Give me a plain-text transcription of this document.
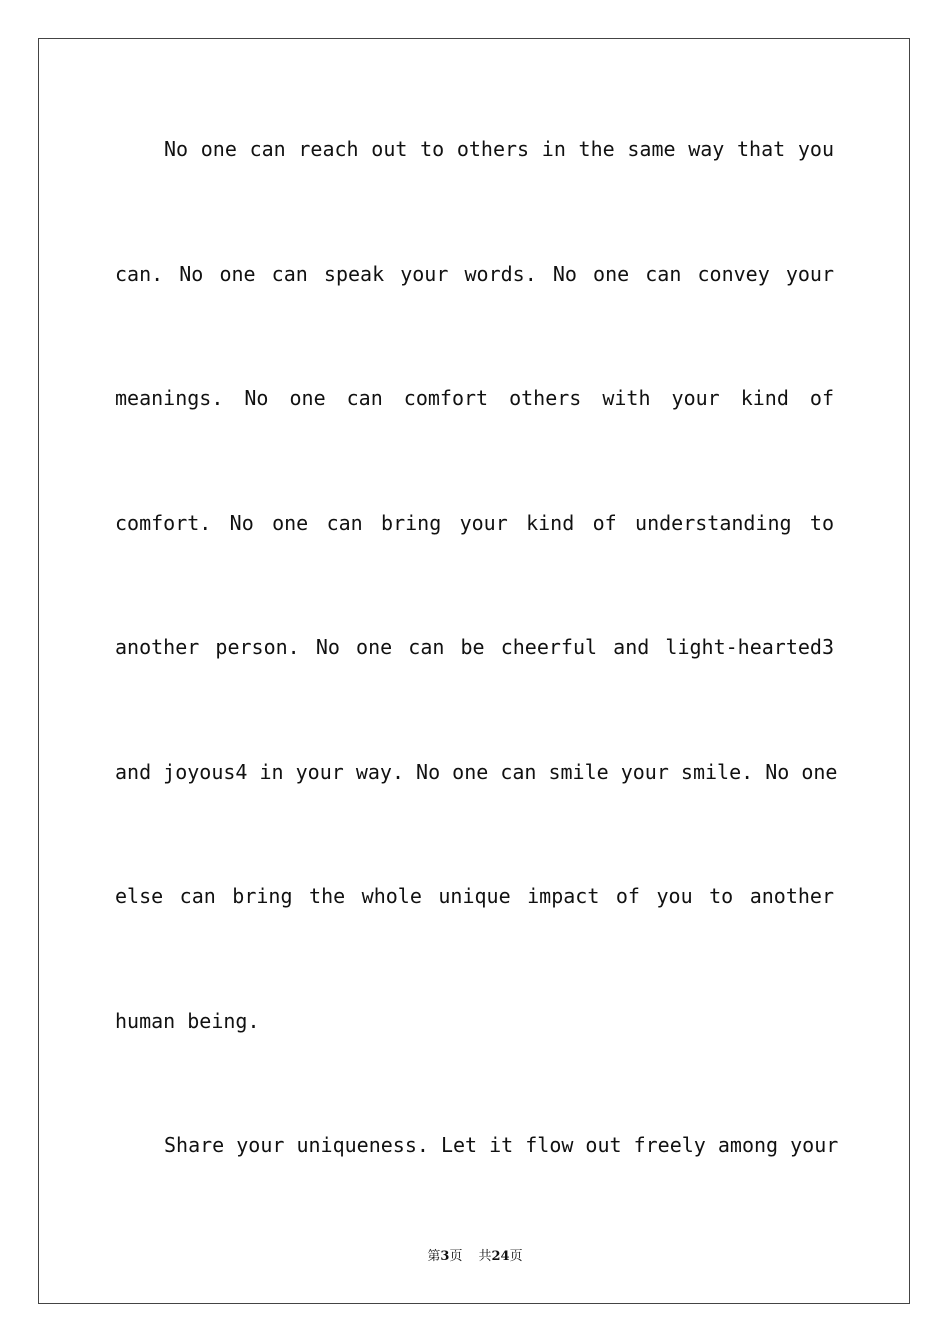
No one can reach out to others in the same way that you
can. No one can speak your words. No one can convey your
meanings. No one can comfort others with your kind of
comfort. No one can bring your kind of understanding to
another person. No one can be cheerful and light-hearted3
and joyous4 in your way. No one can smile your smile. No one
else can bring the whole unique impact of you to another
human being.
Share your uniqueness. Let it flow out freely among your
第3页 共24页
